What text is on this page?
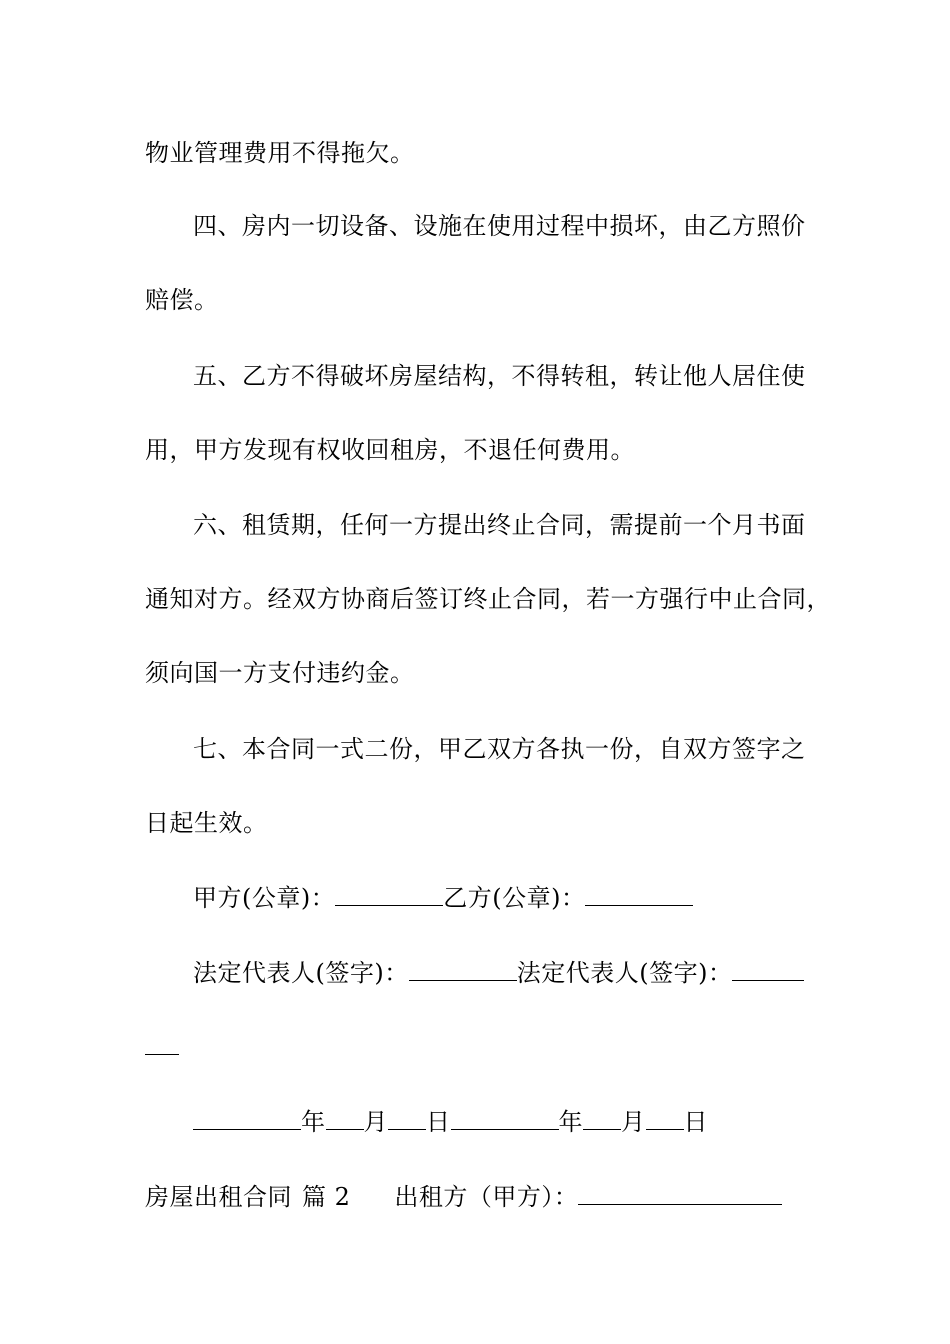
物业管理费用不得拖欠。
四、房内一切设备、设施在使用过程中损坏，由乙方照价
赔偿。
五、乙方不得破坏房屋结构，不得转租，转让他人居住使
用，甲方发现有权收回租房，不退任何费用。
六、租赁期，任何一方提出终止合同，需提前一个月书面
通知对方。经双方协商后签订终止合同，若一方强行中止合同，
须向国一方支付违约金。
七、本合同一式二份，甲乙双方各执一份，自双方签字之
日起生效。
甲方(公章)：	乙方(公章)：
法定代表人(签字)：	法定代表人(签字)：
年 月 日	年 月 日
房屋出租合同 篇 2 出租方（甲方）：
